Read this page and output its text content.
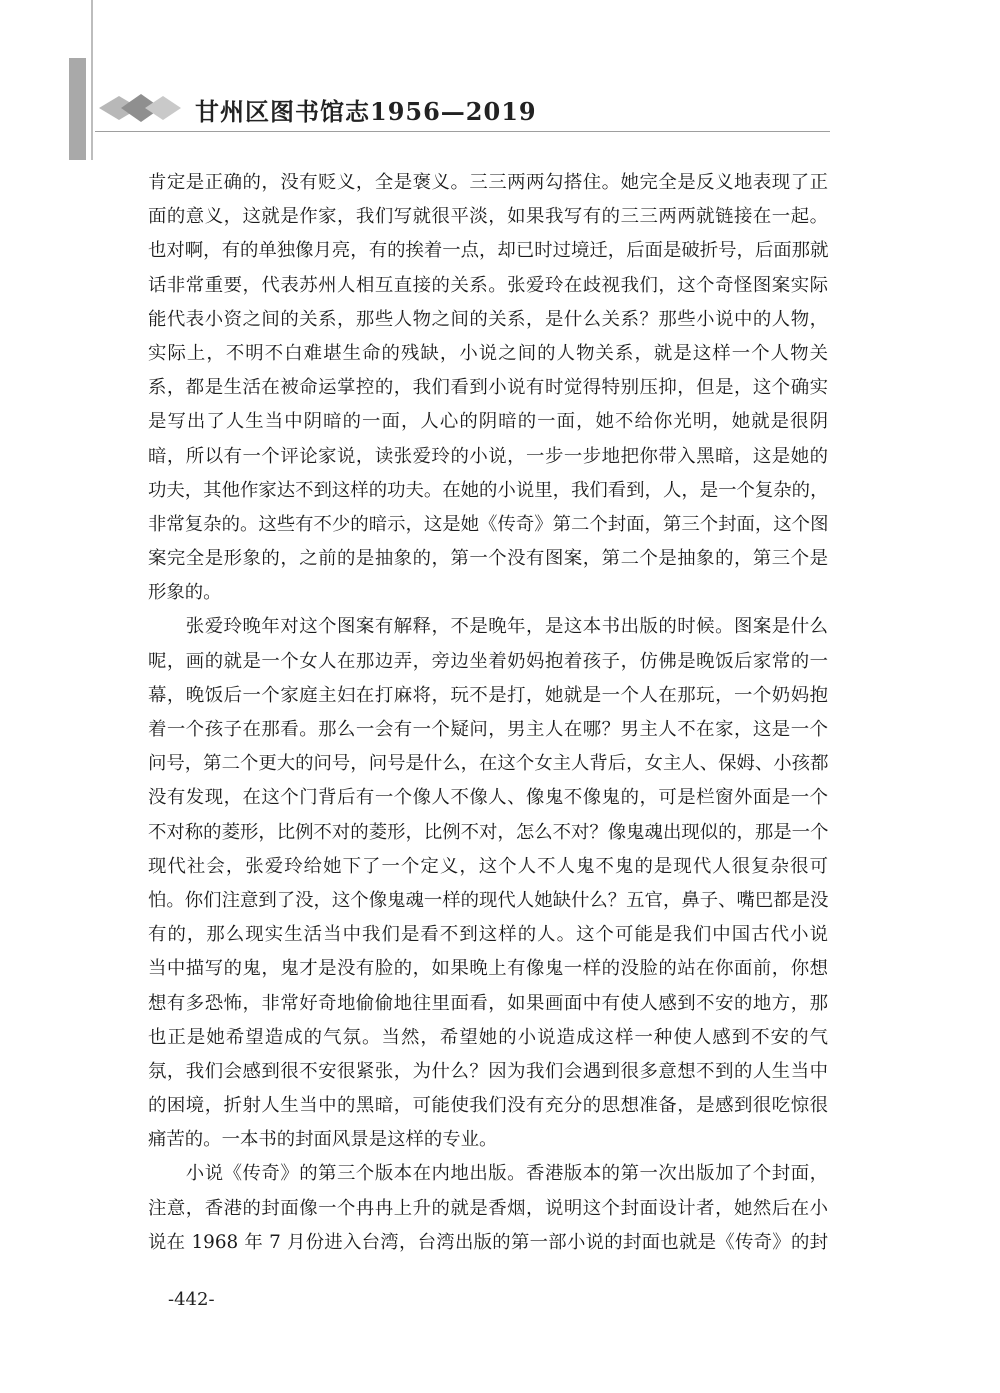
甘州区图书馆志1956—2019
肯定是正确的，没有贬义，全是褒义。三三两两勾搭住。她完全是反义地表现了正
面的意义，这就是作家，我们写就很平淡，如果我写有的三三两两就链接在一起。
也对啊，有的单独像月亮，有的挨着一点，却已时过境迁，后面是破折号，后面那就
话非常重要，代表苏州人相互直接的关系。张爱玲在歧视我们，这个奇怪图案实际
能代表小资之间的关系，那些人物之间的关系，是什么关系？那些小说中的人物，
实际上，不明不白难堪生命的残缺，小说之间的人物关系，就是这样一个人物关
系，都是生活在被命运掌控的，我们看到小说有时觉得特别压抑，但是，这个确实
是写出了人生当中阴暗的一面，人心的阴暗的一面，她不给你光明，她就是很阴
暗，所以有一个评论家说，读张爱玲的小说，一步一步地把你带入黑暗，这是她的
功夫，其他作家达不到这样的功夫。在她的小说里，我们看到，人，是一个复杂的，
非常复杂的。这些有不少的暗示，这是她《传奇》第二个封面，第三个封面，这个图
案完全是形象的，之前的是抽象的，第一个没有图案，第二个是抽象的，第三个是
形象的。
　　张爱玲晚年对这个图案有解释，不是晚年，是这本书出版的时候。图案是什么
呢，画的就是一个女人在那边弄，旁边坐着奶妈抱着孩子，仿佛是晚饭后家常的一
幕，晚饭后一个家庭主妇在打麻将，玩不是打，她就是一个人在那玩，一个奶妈抱
着一个孩子在那看。那么一会有一个疑问，男主人在哪？男主人不在家，这是一个
问号，第二个更大的问号，问号是什么，在这个女主人背后，女主人、保姆、小孩都
没有发现，在这个门背后有一个像人不像人、像鬼不像鬼的，可是栏窗外面是一个
不对称的菱形，比例不对的菱形，比例不对，怎么不对？像鬼魂出现似的，那是一个
现代社会，张爱玲给她下了一个定义，这个人不人鬼不鬼的是现代人很复杂很可
怕。你们注意到了没，这个像鬼魂一样的现代人她缺什么？五官，鼻子、嘴巴都是没
有的，那么现实生活当中我们是看不到这样的人。这个可能是我们中国古代小说
当中描写的鬼，鬼才是没有脸的，如果晚上有像鬼一样的没脸的站在你面前，你想
想有多恐怖，非常好奇地偷偷地往里面看，如果画面中有使人感到不安的地方，那
也正是她希望造成的气氛。当然，希望她的小说造成这样一种使人感到不安的气
氛，我们会感到很不安很紧张，为什么？因为我们会遇到很多意想不到的人生当中
的困境，折射人生当中的黑暗，可能使我们没有充分的思想准备，是感到很吃惊很
痛苦的。一本书的封面风景是这样的专业。
　　小说《传奇》的第三个版本在内地出版。香港版本的第一次出版加了个封面，
注意，香港的封面像一个冉冉上升的就是香烟，说明这个封面设计者，她然后在小
说在 1968 年 7 月份进入台湾，台湾出版的第一部小说的封面也就是《传奇》的封
-442-
